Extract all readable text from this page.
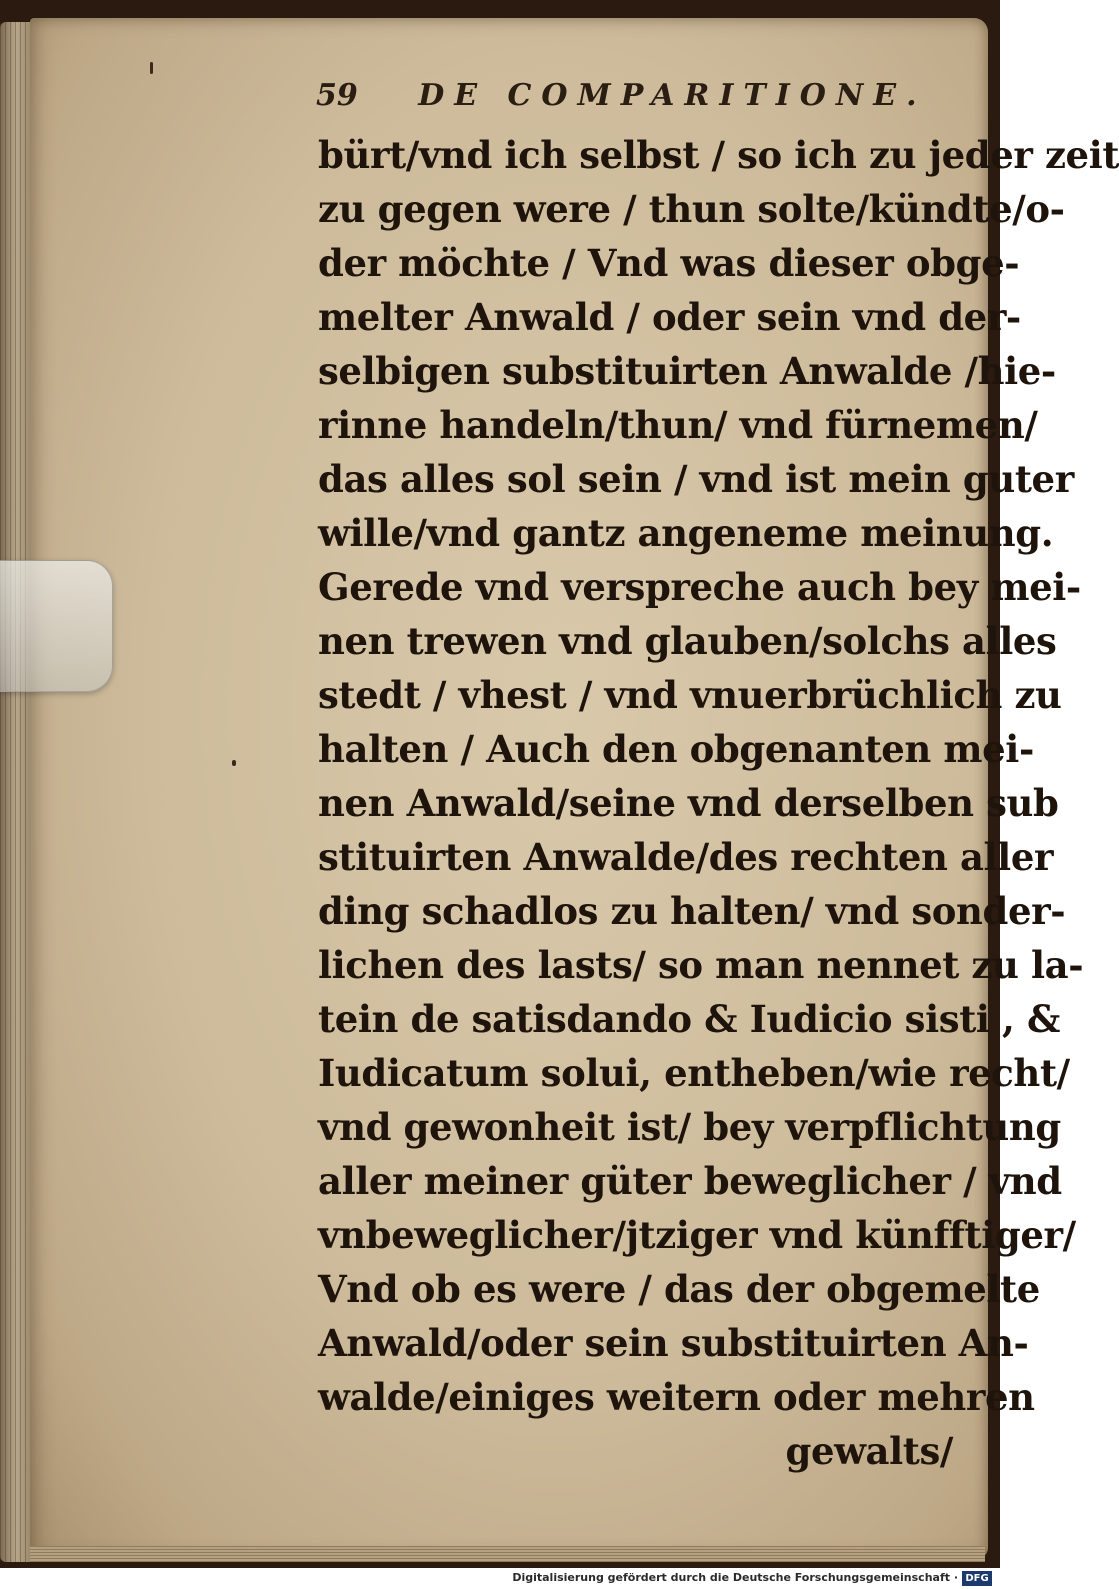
59 DE COMPARITIONE.
bürt/vnd ich selbst / so ich zu jeder zeit
zu gegen were / thun solte/kündte/o-
der möchte / Vnd was dieser obge-
melter Anwald / oder sein vnd der-
selbigen substituirten Anwalde /hie-
rinne handeln/thun/ vnd fürnemen/
das alles sol sein / vnd ist mein guter
wille/vnd gantz angeneme meinung.
Gerede vnd verspreche auch bey mei-
nen trewen vnd glauben/solchs alles
stedt / vhest / vnd vnuerbrüchlich zu
halten / Auch den obgenanten mei-
nen Anwald/seine vnd derselben sub
stituirten Anwalde/des rechten aller
ding schadlos zu halten/ vnd sonder-
lichen des lasts/ so man nennet zu la-
tein de satisdando & Iudicio sisti , &
Iudicatum solui, entheben/wie recht/
vnd gewonheit ist/ bey verpflichtung
aller meiner güter beweglicher / vnd
vnbeweglicher/jtziger vnd künfftiger/
Vnd ob es were / das der obgemelte
Anwald/oder sein substituirten An-
walde/einiges weitern oder mehren
gewalts/
Digitalisierung gefördert durch die Deutsche Forschungsgemeinschaft · DFG
